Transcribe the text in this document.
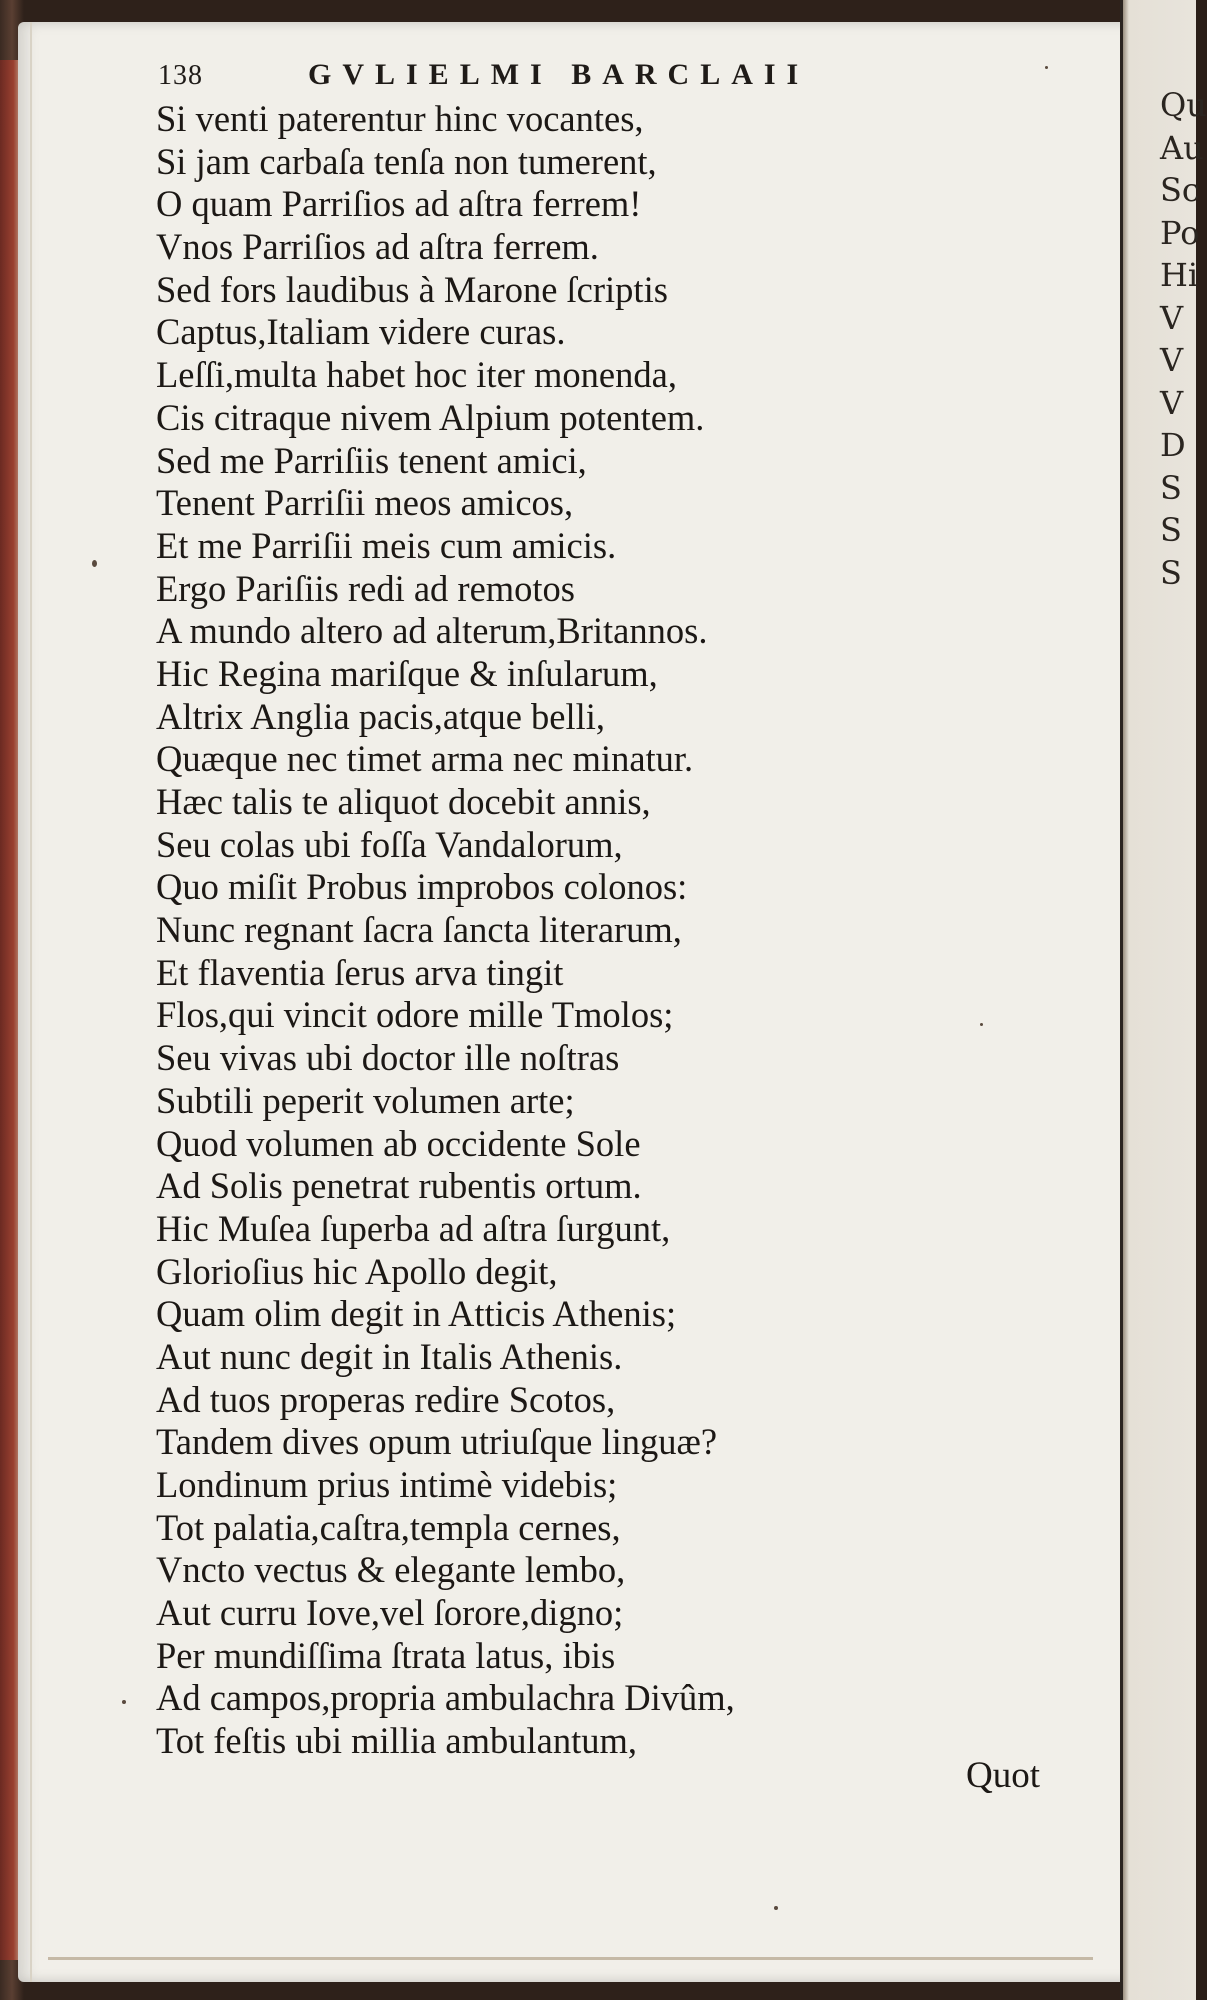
Qu
Au
Sc
Po
Hi
V
V
V
D
S
S
S
138	GVLIELMI BARCLAII
Si venti paterentur hinc vocantes,
Si jam carbaſa tenſa non tumerent,
O quam Parriſios ad aſtra ferrem!
Vnos Parriſios ad aſtra ferrem.
Sed fors laudibus à Marone ſcriptis
Captus,Italiam videre curas.
Leſſi,multa habet hoc iter monenda,
Cis citraque nivem Alpium potentem.
Sed me Parriſiis tenent amici,
Tenent Parriſii meos amicos,
Et me Parriſii meis cum amicis.
Ergo Pariſiis redi ad remotos
A mundo altero ad alterum,Britannos.
Hic Regina mariſque & inſularum,
Altrix Anglia pacis,atque belli,
Quæque nec timet arma nec minatur.
Hæc talis te aliquot docebit annis,
Seu colas ubi foſſa Vandalorum,
Quo miſit Probus improbos colonos:
Nunc regnant ſacra ſancta literarum,
Et flaventia ſerus arva tingit
Flos,qui vincit odore mille Tmolos;
Seu vivas ubi doctor ille noſtras
Subtili peperit volumen arte;
Quod volumen ab occidente Sole
Ad Solis penetrat rubentis ortum.
Hic Muſea ſuperba ad aſtra ſurgunt,
Glorioſius hic Apollo degit,
Quam olim degit in Atticis Athenis;
Aut nunc degit in Italis Athenis.
Ad tuos properas redire Scotos,
Tandem dives opum utriuſque linguæ?
Londinum prius intimè videbis;
Tot palatia,caſtra,templa cernes,
Vncto vectus & elegante lembo,
Aut curru Iove,vel ſorore,digno;
Per mundiſſima ſtrata latus, ibis
Ad campos,propria ambulachra Divûm,
Tot feſtis ubi millia ambulantum,
Quot
